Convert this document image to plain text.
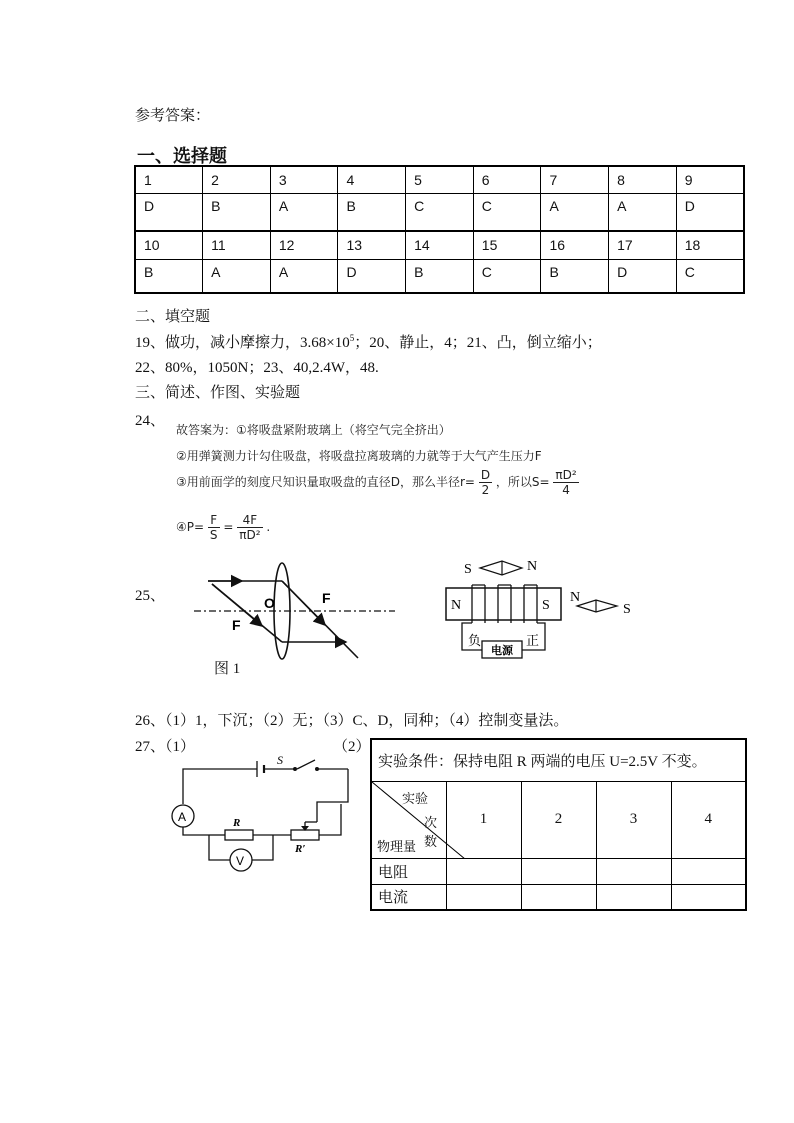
参考答案：
一、选择题
1	2	3	4	5	6	7	8	9
D	B	A	B	C	C	A	A	D
10	11	12	13	14	15	16	17	18
B	A	A	D	B	C	B	D	C
二、填空题
19、做功，减小摩擦力，$3.68\times 10^5$；20、静止，4；21、凸，倒立缩小；
22、80%，1050N；23、40,2.4W，48.
三、简述、作图、实验题
24、
故答案为：①将吸盘紧附玻璃上（将空气完全挤出）
②用弹簧测力计勾住吸盘，将吸盘拉离玻璃的力就等于大气产生压力F
③用前面学的刻度尺知识量取吸盘的直径D，那么半径$r= \frac{D}{2}$ ，所以$S= \frac{\text{πD²}}{4}$
④P= $\frac{F}{S} = \frac{4F}{\text{πD²}}$ .
25、	O	F
F
图 1
S	N
N
S
N	S
电源
负	正
26、（1）1，下沉；（2）无；（3）C、D，同种；（4）控制变量法。
27、（1）	（2）
S
A	R
R′
V
实验条件：保持电阻 R 两端的电压 U=2.5V 不变。				

实验
次数
物理量	1	2	3	4
电阻				
电流				
